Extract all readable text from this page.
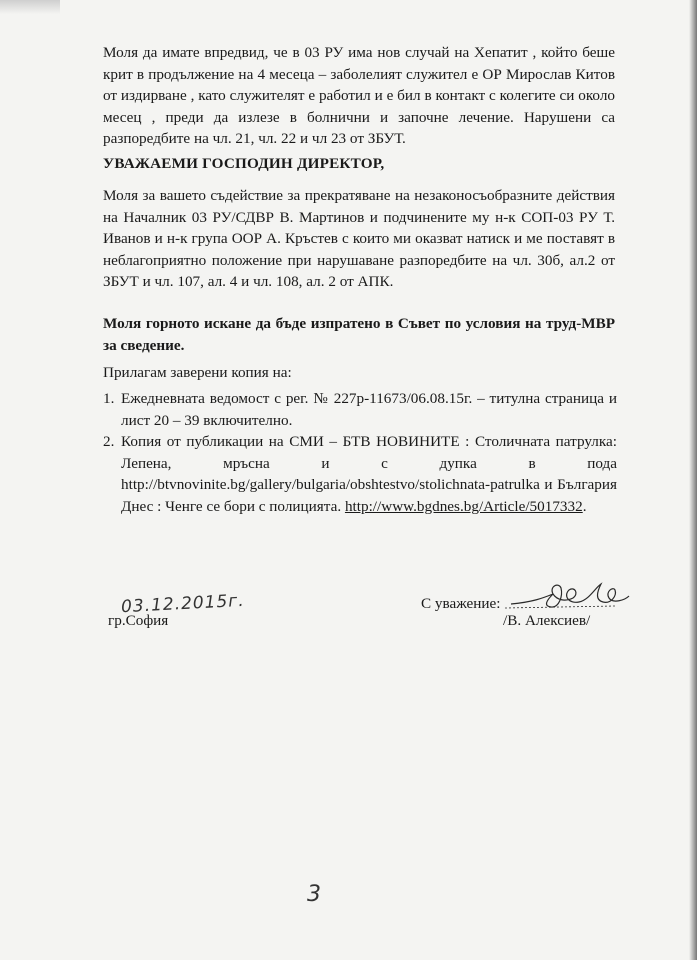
Моля да имате впредвид, че в 03 РУ има нов случай на Хепатит , който беше крит в продължение на 4 месеца – заболелият служител е ОР Мирослав Китов от издирване , като служителят е работил и е бил в контакт с колегите си около месец , преди да излезе в болнични и започне лечение. Нарушени са разпоредбите на чл. 21, чл. 22 и чл 23 от ЗБУТ.

УВАЖАЕМИ ГОСПОДИН ДИРЕКТОР,

Моля за вашето съдействие за прекратяване на незаконосъобразните действия на Началник 03 РУ/СДВР В. Мартинов и подчинените му н-к СОП-03 РУ Т. Иванов и н-к група ООР А. Кръстев с които ми оказват натиск и ме поставят в неблагоприятно положение при нарушаване разпоредбите на чл. 30б, ал.2 от ЗБУТ и чл. 107, ал. 4 и чл. 108, ал. 2 от АПК.

Моля горното искане да бъде изпратено в Съвет по условия на труд-МВР за сведение.

Прилагам заверени копия на:

1. Ежедневната ведомост с рег. № 227р-11673/06.08.15г. – титулна страница и лист 20 – 39 включително.

2. Копия от публикации на СМИ – БТВ НОВИНИТЕ : Столичната патрулка: Лепена, мръсна и с дупка в пода http://btvnovinite.bg/gallery/bulgaria/obshtestvo/stolichnata-patrulka и България Днес : Ченге се бори с полицията. http://www.bgdnes.bg/Article/5017332.

03.12.2015г.
гр.София
С уважение:
/В. Алексиев/
3
